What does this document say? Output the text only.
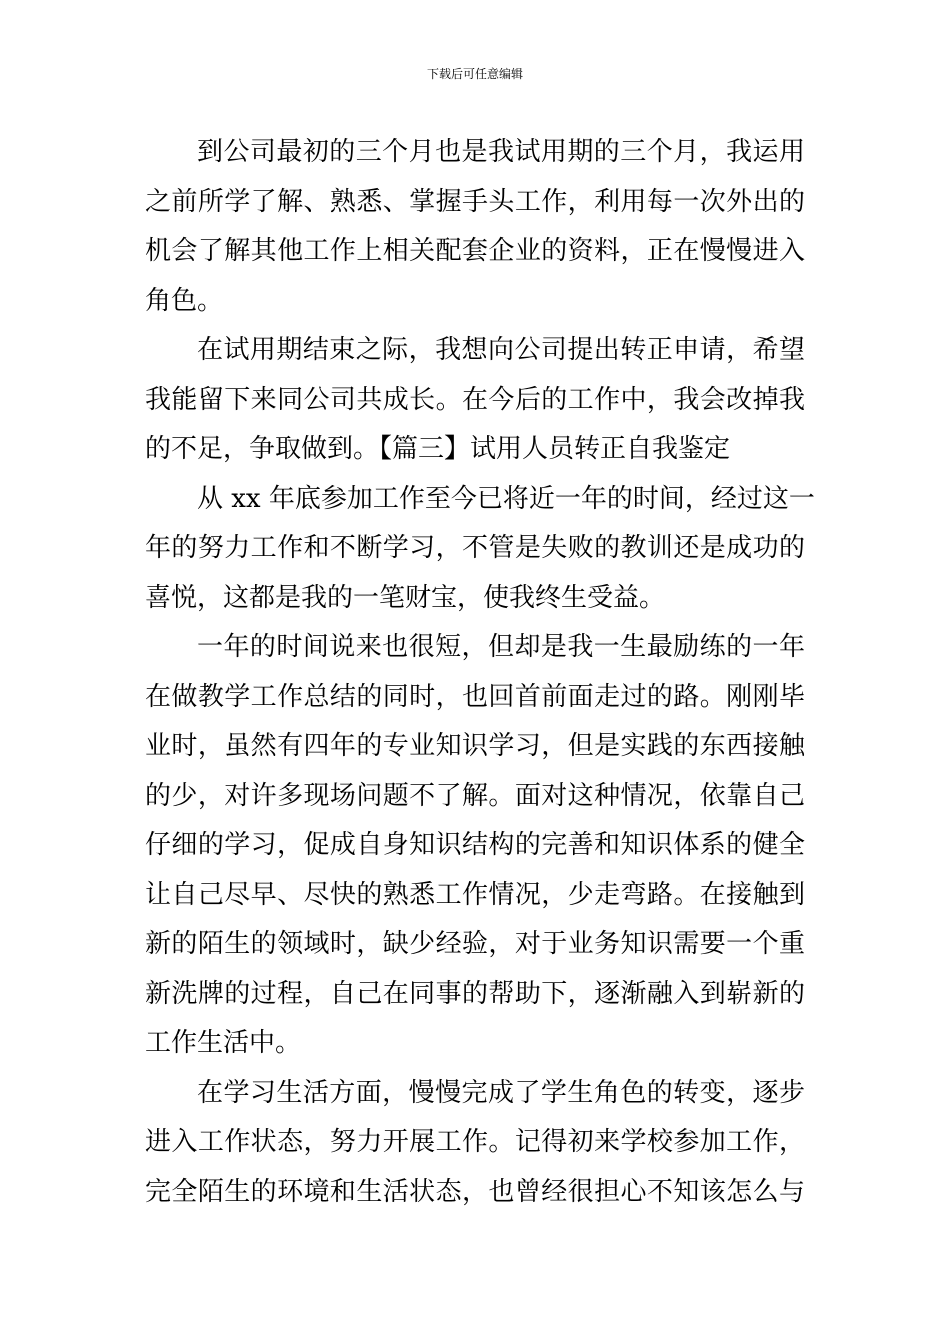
下载后可任意编辑
到公司最初的三个月也是我试用期的三个月，我运用
之前所学了解、熟悉、掌握手头工作，利用每一次外出的
机会了解其他工作上相关配套企业的资料，正在慢慢进入
角色。
在试用期结束之际，我想向公司提出转正申请，希望
我能留下来同公司共成长。在今后的工作中，我会改掉我
的不足，争取做到。【篇三】试用人员转正自我鉴定
从 xx 年底参加工作至今已将近一年的时间，经过这一
年的努力工作和不断学习，不管是失败的教训还是成功的
喜悦，这都是我的一笔财宝，使我终生受益。
一年的时间说来也很短，但却是我一生最励练的一年
在做教学工作总结的同时，也回首前面走过的路。刚刚毕
业时，虽然有四年的专业知识学习，但是实践的东西接触
的少，对许多现场问题不了解。面对这种情况，依靠自己
仔细的学习，促成自身知识结构的完善和知识体系的健全
让自己尽早、尽快的熟悉工作情况，少走弯路。在接触到
新的陌生的领域时，缺少经验，对于业务知识需要一个重
新洗牌的过程，自己在同事的帮助下，逐渐融入到崭新的
工作生活中。
在学习生活方面，慢慢完成了学生角色的转变，逐步
进入工作状态，努力开展工作。记得初来学校参加工作，
完全陌生的环境和生活状态，也曾经很担心不知该怎么与
